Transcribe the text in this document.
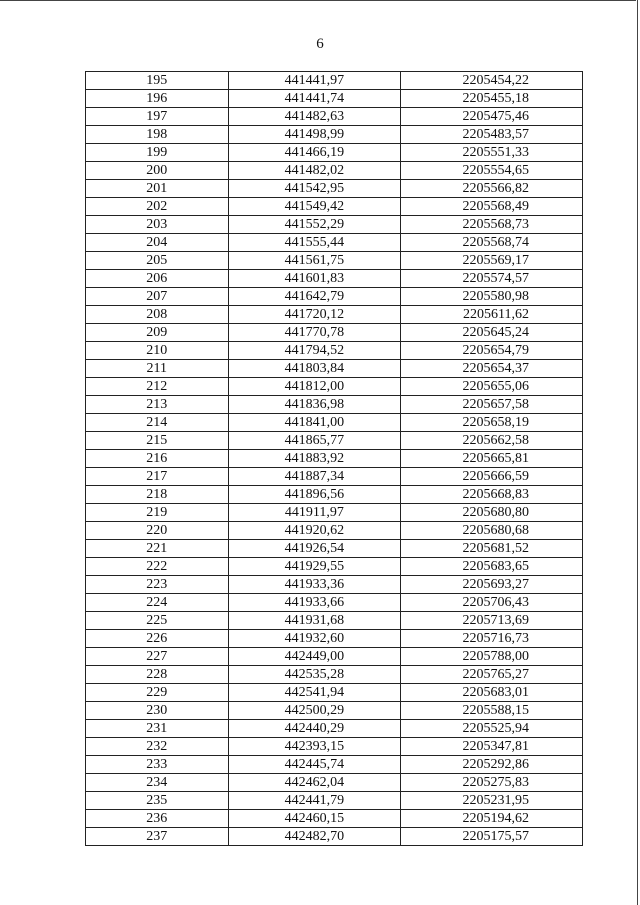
6
195	441441,97	2205454,22
196	441441,74	2205455,18
197	441482,63	2205475,46
198	441498,99	2205483,57
199	441466,19	2205551,33
200	441482,02	2205554,65
201	441542,95	2205566,82
202	441549,42	2205568,49
203	441552,29	2205568,73
204	441555,44	2205568,74
205	441561,75	2205569,17
206	441601,83	2205574,57
207	441642,79	2205580,98
208	441720,12	2205611,62
209	441770,78	2205645,24
210	441794,52	2205654,79
211	441803,84	2205654,37
212	441812,00	2205655,06
213	441836,98	2205657,58
214	441841,00	2205658,19
215	441865,77	2205662,58
216	441883,92	2205665,81
217	441887,34	2205666,59
218	441896,56	2205668,83
219	441911,97	2205680,80
220	441920,62	2205680,68
221	441926,54	2205681,52
222	441929,55	2205683,65
223	441933,36	2205693,27
224	441933,66	2205706,43
225	441931,68	2205713,69
226	441932,60	2205716,73
227	442449,00	2205788,00
228	442535,28	2205765,27
229	442541,94	2205683,01
230	442500,29	2205588,15
231	442440,29	2205525,94
232	442393,15	2205347,81
233	442445,74	2205292,86
234	442462,04	2205275,83
235	442441,79	2205231,95
236	442460,15	2205194,62
237	442482,70	2205175,57
